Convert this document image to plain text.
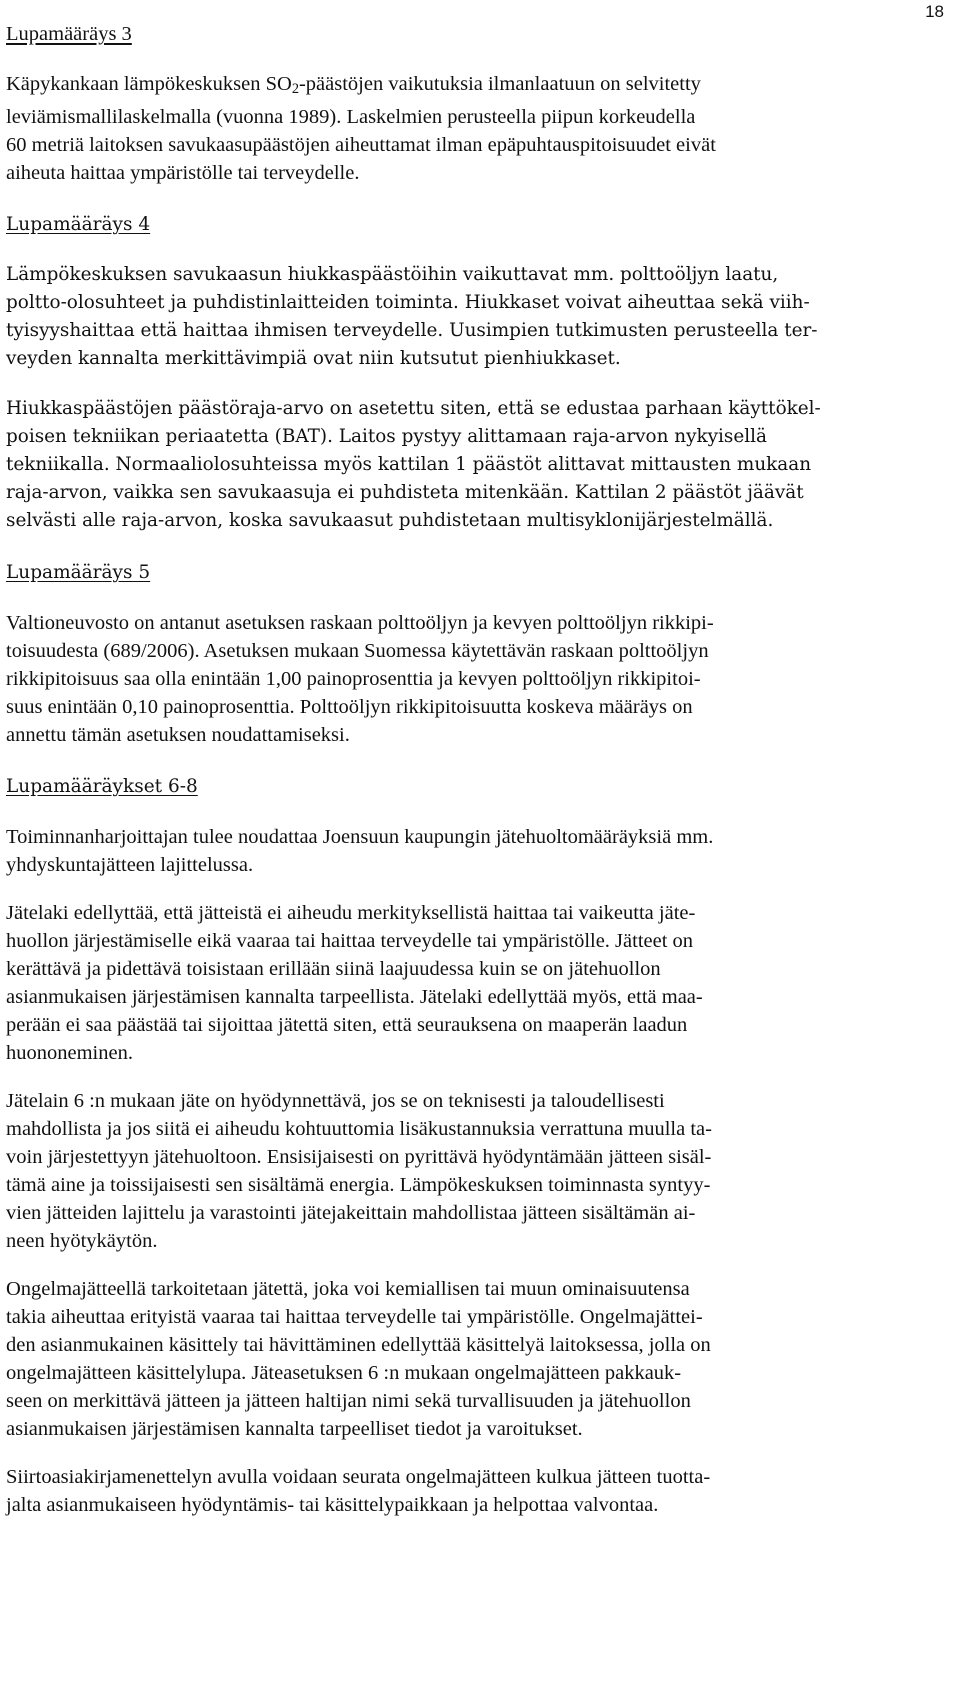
18

Lupamääräys 3

Käpykankaan lämpökeskuksen $SO_2$-päästöjen vaikutuksia ilmanlaatuun on selvitetty
leviämismallilaskelmalla (vuonna 1989). Laskelmien perusteella piipun korkeudella
60 metriä laitoksen savukaasupäästöjen aiheuttamat ilman epäpuhtauspitoisuudet eivät
aiheuta haittaa ympäristölle tai terveydelle.

Lupamääräys 4

Lämpökeskuksen savukaasun hiukkaspäästöihin vaikuttavat mm. polttoöljyn laatu,
poltto-olosuhteet ja puhdistinlaitteiden toiminta. Hiukkaset voivat aiheuttaa sekä viih-
tyisyyshaittaa että haittaa ihmisen terveydelle. Uusimpien tutkimusten perusteella ter-
veyden kannalta merkittävimpiä ovat niin kutsutut pienhiukkaset.

Hiukkaspäästöjen päästöraja-arvo on asetettu siten, että se edustaa parhaan käyttökel-
poisen tekniikan periaatetta (BAT). Laitos pystyy alittamaan raja-arvon nykyisellä
tekniikalla. Normaaliolosuhteissa myös kattilan 1 päästöt alittavat mittausten mukaan
raja-arvon, vaikka sen savukaasuja ei puhdisteta mitenkään. Kattilan 2 päästöt jäävät
selvästi alle raja-arvon, koska savukaasut puhdistetaan multisyklonijärjestelmällä.

Lupamääräys 5

Valtioneuvosto on antanut asetuksen raskaan polttoöljyn ja kevyen polttoöljyn rikkipi-
toisuudesta (689/2006). Asetuksen mukaan Suomessa käytettävän raskaan polttoöljyn
rikkipitoisuus saa olla enintään 1,00 painoprosenttia ja kevyen polttoöljyn rikkipitoi-
suus enintään 0,10 painoprosenttia. Polttoöljyn rikkipitoisuutta koskeva määräys on
annettu tämän asetuksen noudattamiseksi.

Lupamääräykset 6-8

Toiminnanharjoittajan tulee noudattaa Joensuun kaupungin jätehuoltomääräyksiä mm.
yhdyskuntajätteen lajittelussa.

Jätelaki edellyttää, että jätteistä ei aiheudu merkityksellistä haittaa tai vaikeutta jäte-
huollon järjestämiselle eikä vaaraa tai haittaa terveydelle tai ympäristölle. Jätteet on
kerättävä ja pidettävä toisistaan erillään siinä laajuudessa kuin se on jätehuollon
asianmukaisen järjestämisen kannalta tarpeellista. Jätelaki edellyttää myös, että maa-
perään ei saa päästää tai sijoittaa jätettä siten, että seurauksena on maaperän laadun
huononeminen.

Jätelain 6 :n mukaan jäte on hyödynnettävä, jos se on teknisesti ja taloudellisesti
mahdollista ja jos siitä ei aiheudu kohtuuttomia lisäkustannuksia verrattuna muulla ta-
voin järjestettyyn jätehuoltoon. Ensisijaisesti on pyrittävä hyödyntämään jätteen sisäl-
tämä aine ja toissijaisesti sen sisältämä energia. Lämpökeskuksen toiminnasta syntyy-
vien jätteiden lajittelu ja varastointi jätejakeittain mahdollistaa jätteen sisältämän ai-
neen hyötykäytön.

Ongelmajätteellä tarkoitetaan jätettä, joka voi kemiallisen tai muun ominaisuutensa
takia aiheuttaa erityistä vaaraa tai haittaa terveydelle tai ympäristölle. Ongelmajättei-
den asianmukainen käsittely tai hävittäminen edellyttää käsittelyä laitoksessa, jolla on
ongelmajätteen käsittelylupa. Jäteasetuksen 6 :n mukaan ongelmajätteen pakkauk-
seen on merkittävä jätteen ja jätteen haltijan nimi sekä turvallisuuden ja jätehuollon
asianmukaisen järjestämisen kannalta tarpeelliset tiedot ja varoitukset.

Siirtoasiakirjamenettelyn avulla voidaan seurata ongelmajätteen kulkua jätteen tuotta-
jalta asianmukaiseen hyödyntämis- tai käsittelypaikkaan ja helpottaa valvontaa.
